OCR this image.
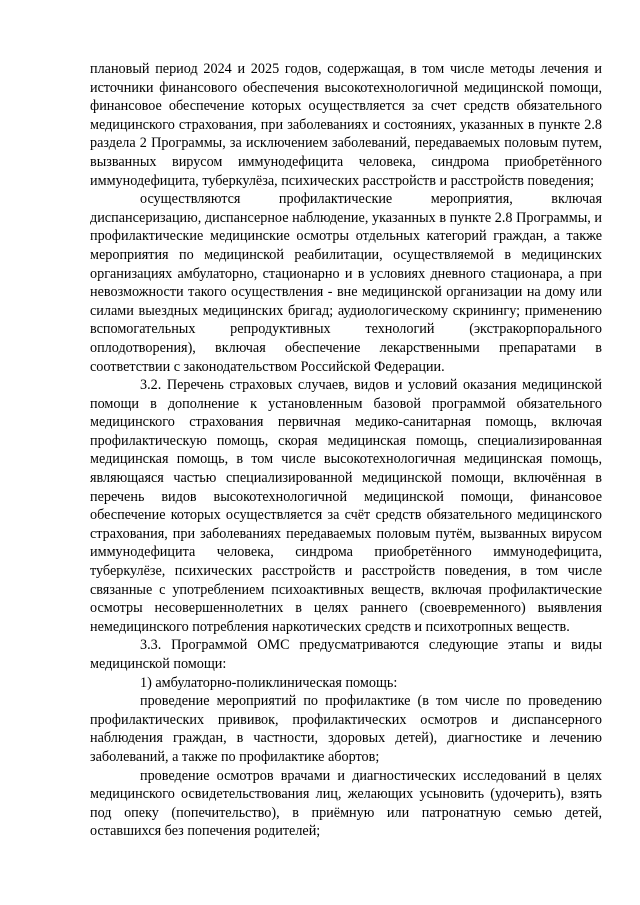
плановый период 2024 и 2025 годов, содержащая, в том числе методы лечения и источники финансового обеспечения высокотехнологичной медицинской помощи, финансовое обеспечение которых осуществляется за счет средств обязательного медицинского страхования, при заболеваниях и состояниях, указанных в пункте 2.8 раздела 2 Программы, за исключением заболеваний, передаваемых половым путем, вызванных вирусом иммунодефицита человека, синдрома приобретённого иммунодефицита, туберкулёза, психических расстройств и расстройств поведения;

осуществляются профилактические мероприятия, включая диспансеризацию, диспансерное наблюдение, указанных в пункте 2.8 Программы, и профилактические медицинские осмотры отдельных категорий граждан, а также мероприятия по медицинской реабилитации, осуществляемой в медицинских организациях амбулаторно, стационарно и в условиях дневного стационара, а при невозможности такого осуществления - вне медицинской организации на дому или силами выездных медицинских бригад; аудиологическому скринингу; применению вспомогательных репродуктивных технологий (экстракорпорального оплодотворения), включая обеспечение лекарственными препаратами в соответствии с законодательством Российской Федерации.

3.2. Перечень страховых случаев, видов и условий оказания медицинской помощи в дополнение к установленным базовой программой обязательного медицинского страхования первичная медико-санитарная помощь, включая профилактическую помощь, скорая медицинская помощь, специализированная медицинская помощь, в том числе высокотехнологичная медицинская помощь, являющаяся частью специализированной медицинской помощи, включённая в перечень видов высокотехнологичной медицинской помощи, финансовое обеспечение которых осуществляется за счёт средств обязательного медицинского страхования, при заболеваниях передаваемых половым путём, вызванных вирусом иммунодефицита человека, синдрома приобретённого иммунодефицита, туберкулёзе, психических расстройств и расстройств поведения, в том числе связанные с употреблением психоактивных веществ, включая профилактические осмотры несовершеннолетних в целях раннего (своевременного) выявления немедицинского потребления наркотических средств и психотропных веществ.

3.3. Программой ОМС предусматриваются следующие этапы и виды медицинской помощи:

1) амбулаторно-поликлиническая помощь:

проведение мероприятий по профилактике (в том числе по проведению профилактических прививок, профилактических осмотров и диспансерного наблюдения граждан, в частности, здоровых детей), диагностике и лечению заболеваний, а также по профилактике абортов;

проведение осмотров врачами и диагностических исследований в целях медицинского освидетельствования лиц, желающих усыновить (удочерить), взять под опеку (попечительство), в приёмную или патронатную семью детей, оставшихся без попечения родителей;
